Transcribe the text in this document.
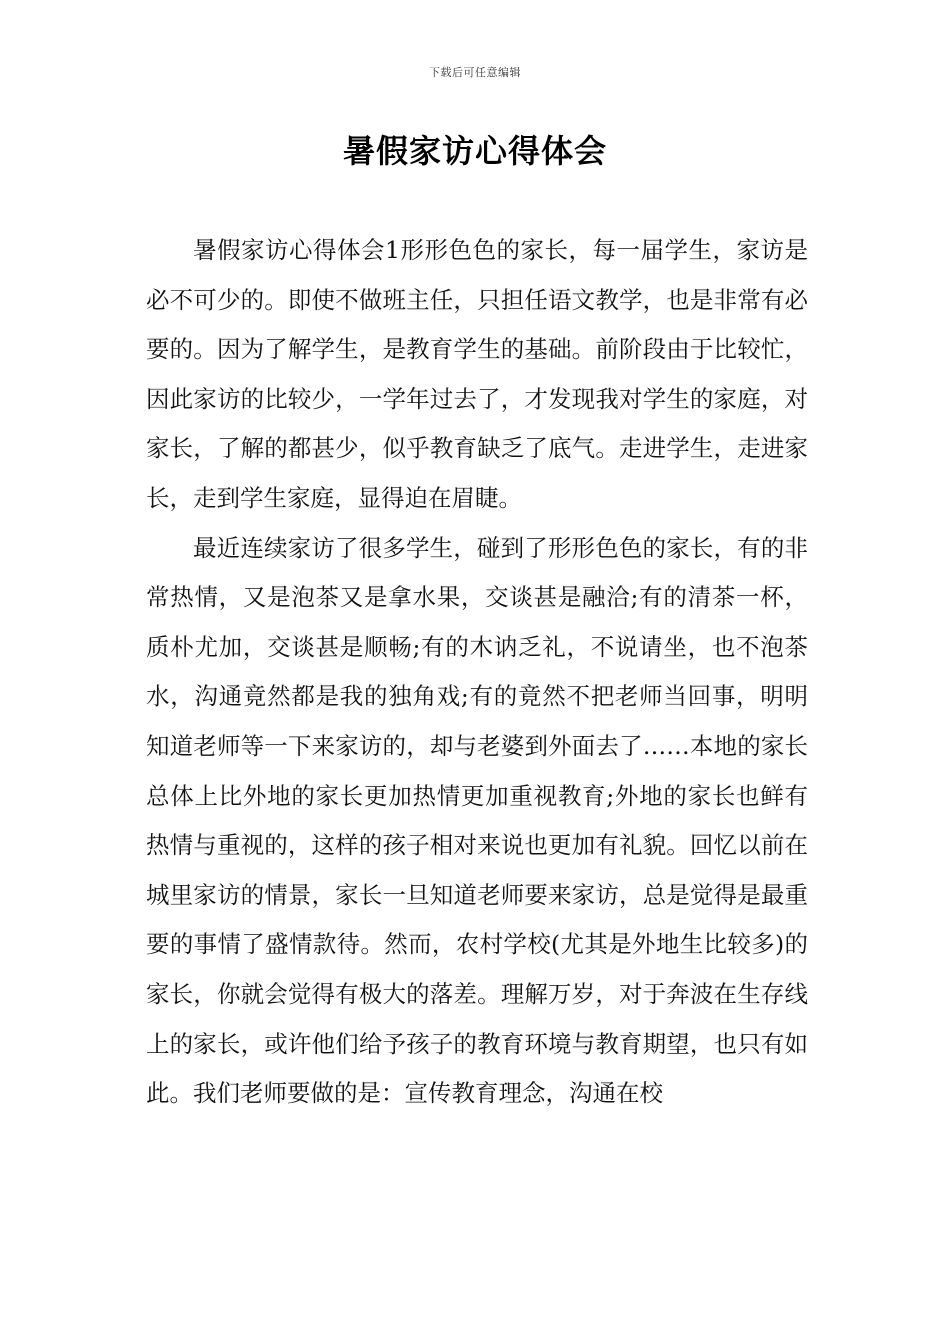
下载后可任意编辑
暑假家访心得体会

暑假家访心得体会1形形色色的家长，每一届学生，家访是必不可少的。即使不做班主任，只担任语文教学，也是非常有必要的。因为了解学生，是教育学生的基础。前阶段由于比较忙，因此家访的比较少，一学年过去了，才发现我对学生的家庭，对家长，了解的都甚少，似乎教育缺乏了底气。走进学生，走进家长，走到学生家庭，显得迫在眉睫。

最近连续家访了很多学生，碰到了形形色色的家长，有的非常热情，又是泡茶又是拿水果，交谈甚是融洽;有的清茶一杯，质朴尤加，交谈甚是顺畅;有的木讷乏礼，不说请坐，也不泡茶水，沟通竟然都是我的独角戏;有的竟然不把老师当回事，明明知道老师等一下来家访的，却与老婆到外面去了……本地的家长总体上比外地的家长更加热情更加重视教育;外地的家长也鲜有热情与重视的，这样的孩子相对来说也更加有礼貌。回忆以前在城里家访的情景，家长一旦知道老师要来家访，总是觉得是最重要的事情了盛情款待。然而，农村学校(尤其是外地生比较多)的家长，你就会觉得有极大的落差。理解万岁，对于奔波在生存线上的家长，或许他们给予孩子的教育环境与教育期望，也只有如此。我们老师要做的是：宣传教育理念，沟通在校
